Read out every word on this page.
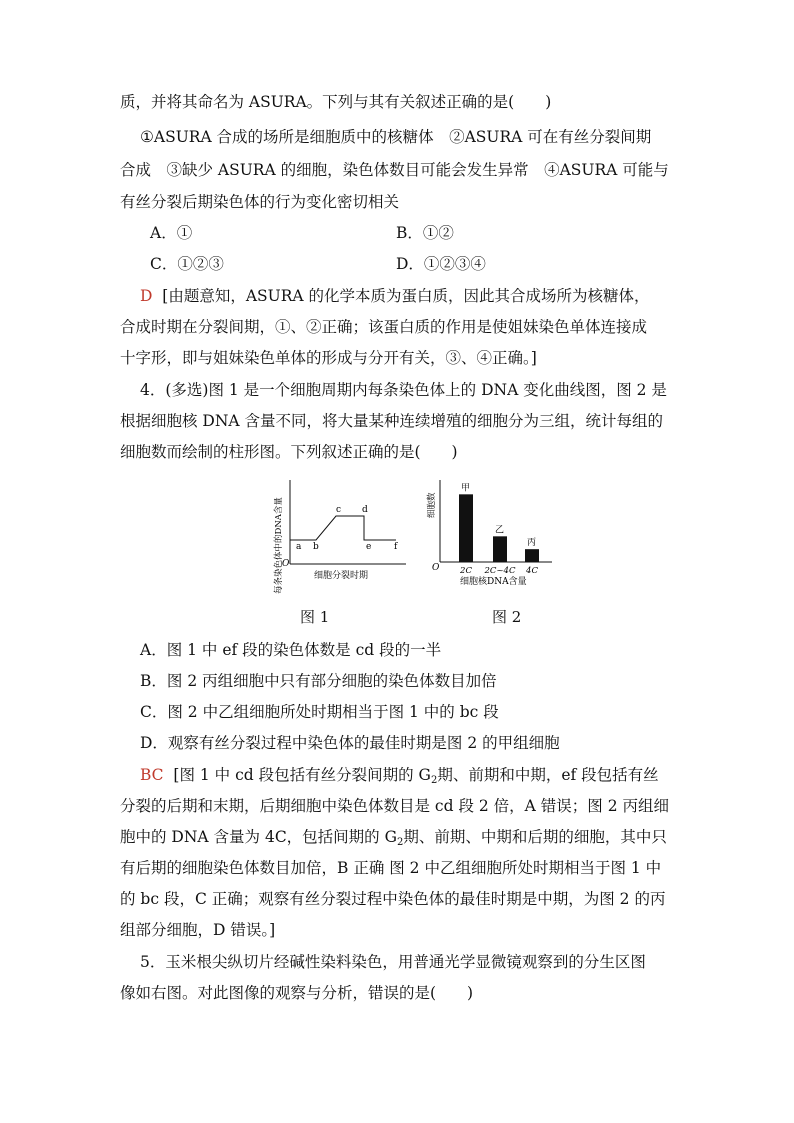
质，并将其命名为 ASURA。下列与其有关叙述正确的是(　　)
①ASURA 合成的场所是细胞质中的核糖体　②ASURA 可在有丝分裂间期
合成　③缺少 ASURA 的细胞，染色体数目可能会发生异常　④ASURA 可能与
有丝分裂后期染色体的行为变化密切相关
A．①	B．①②
C．①②③	D．①②③④
D [由题意知，ASURA 的化学本质为蛋白质，因此其合成场所为核糖体，
合成时期在分裂间期，①、②正确；该蛋白质的作用是使姐妹染色单体连接成
十字形，即与姐妹染色单体的形成与分开有关，③、④正确。]
4．(多选)图 1 是一个细胞周期内每条染色体上的 DNA 变化曲线图，图 2 是
根据细胞核 DNA 含量不同，将大量某种连续增殖的细胞分为三组，统计每组的
细胞数而绘制的柱形图。下列叙述正确的是(　　)
每条染色体中的DNA含量
O
a b
c d
e	f
细胞分裂时期
细胞数
O
甲
2C
乙
2C~4C
丙
4C
细胞核DNA含量
图 1	图 2
A．图 1 中 ef 段的染色体数是 cd 段的一半
B．图 2 丙组细胞中只有部分细胞的染色体数目加倍
C．图 2 中乙组细胞所处时期相当于图 1 中的 bc 段
D．观察有丝分裂过程中染色体的最佳时期是图 2 的甲组细胞
BC [图 1 中 cd 段包括有丝分裂间期的 $G_2$期、前期和中期，ef 段包括有丝
分裂的后期和末期，后期细胞中染色体数目是 cd 段 2 倍，A 错误；图 2 丙组细
胞中的 DNA 含量为 4C，包括间期的 $G_2$期、前期、中期和后期的细胞，其中只
有后期的细胞染色体数目加倍，B 正确 图 2 中乙组细胞所处时期相当于图 1 中
的 bc 段，C 正确；观察有丝分裂过程中染色体的最佳时期是中期，为图 2 的丙
组部分细胞，D 错误。]
5．玉米根尖纵切片经碱性染料染色，用普通光学显微镜观察到的分生区图
像如右图。对此图像的观察与分析，错误的是(　　)
